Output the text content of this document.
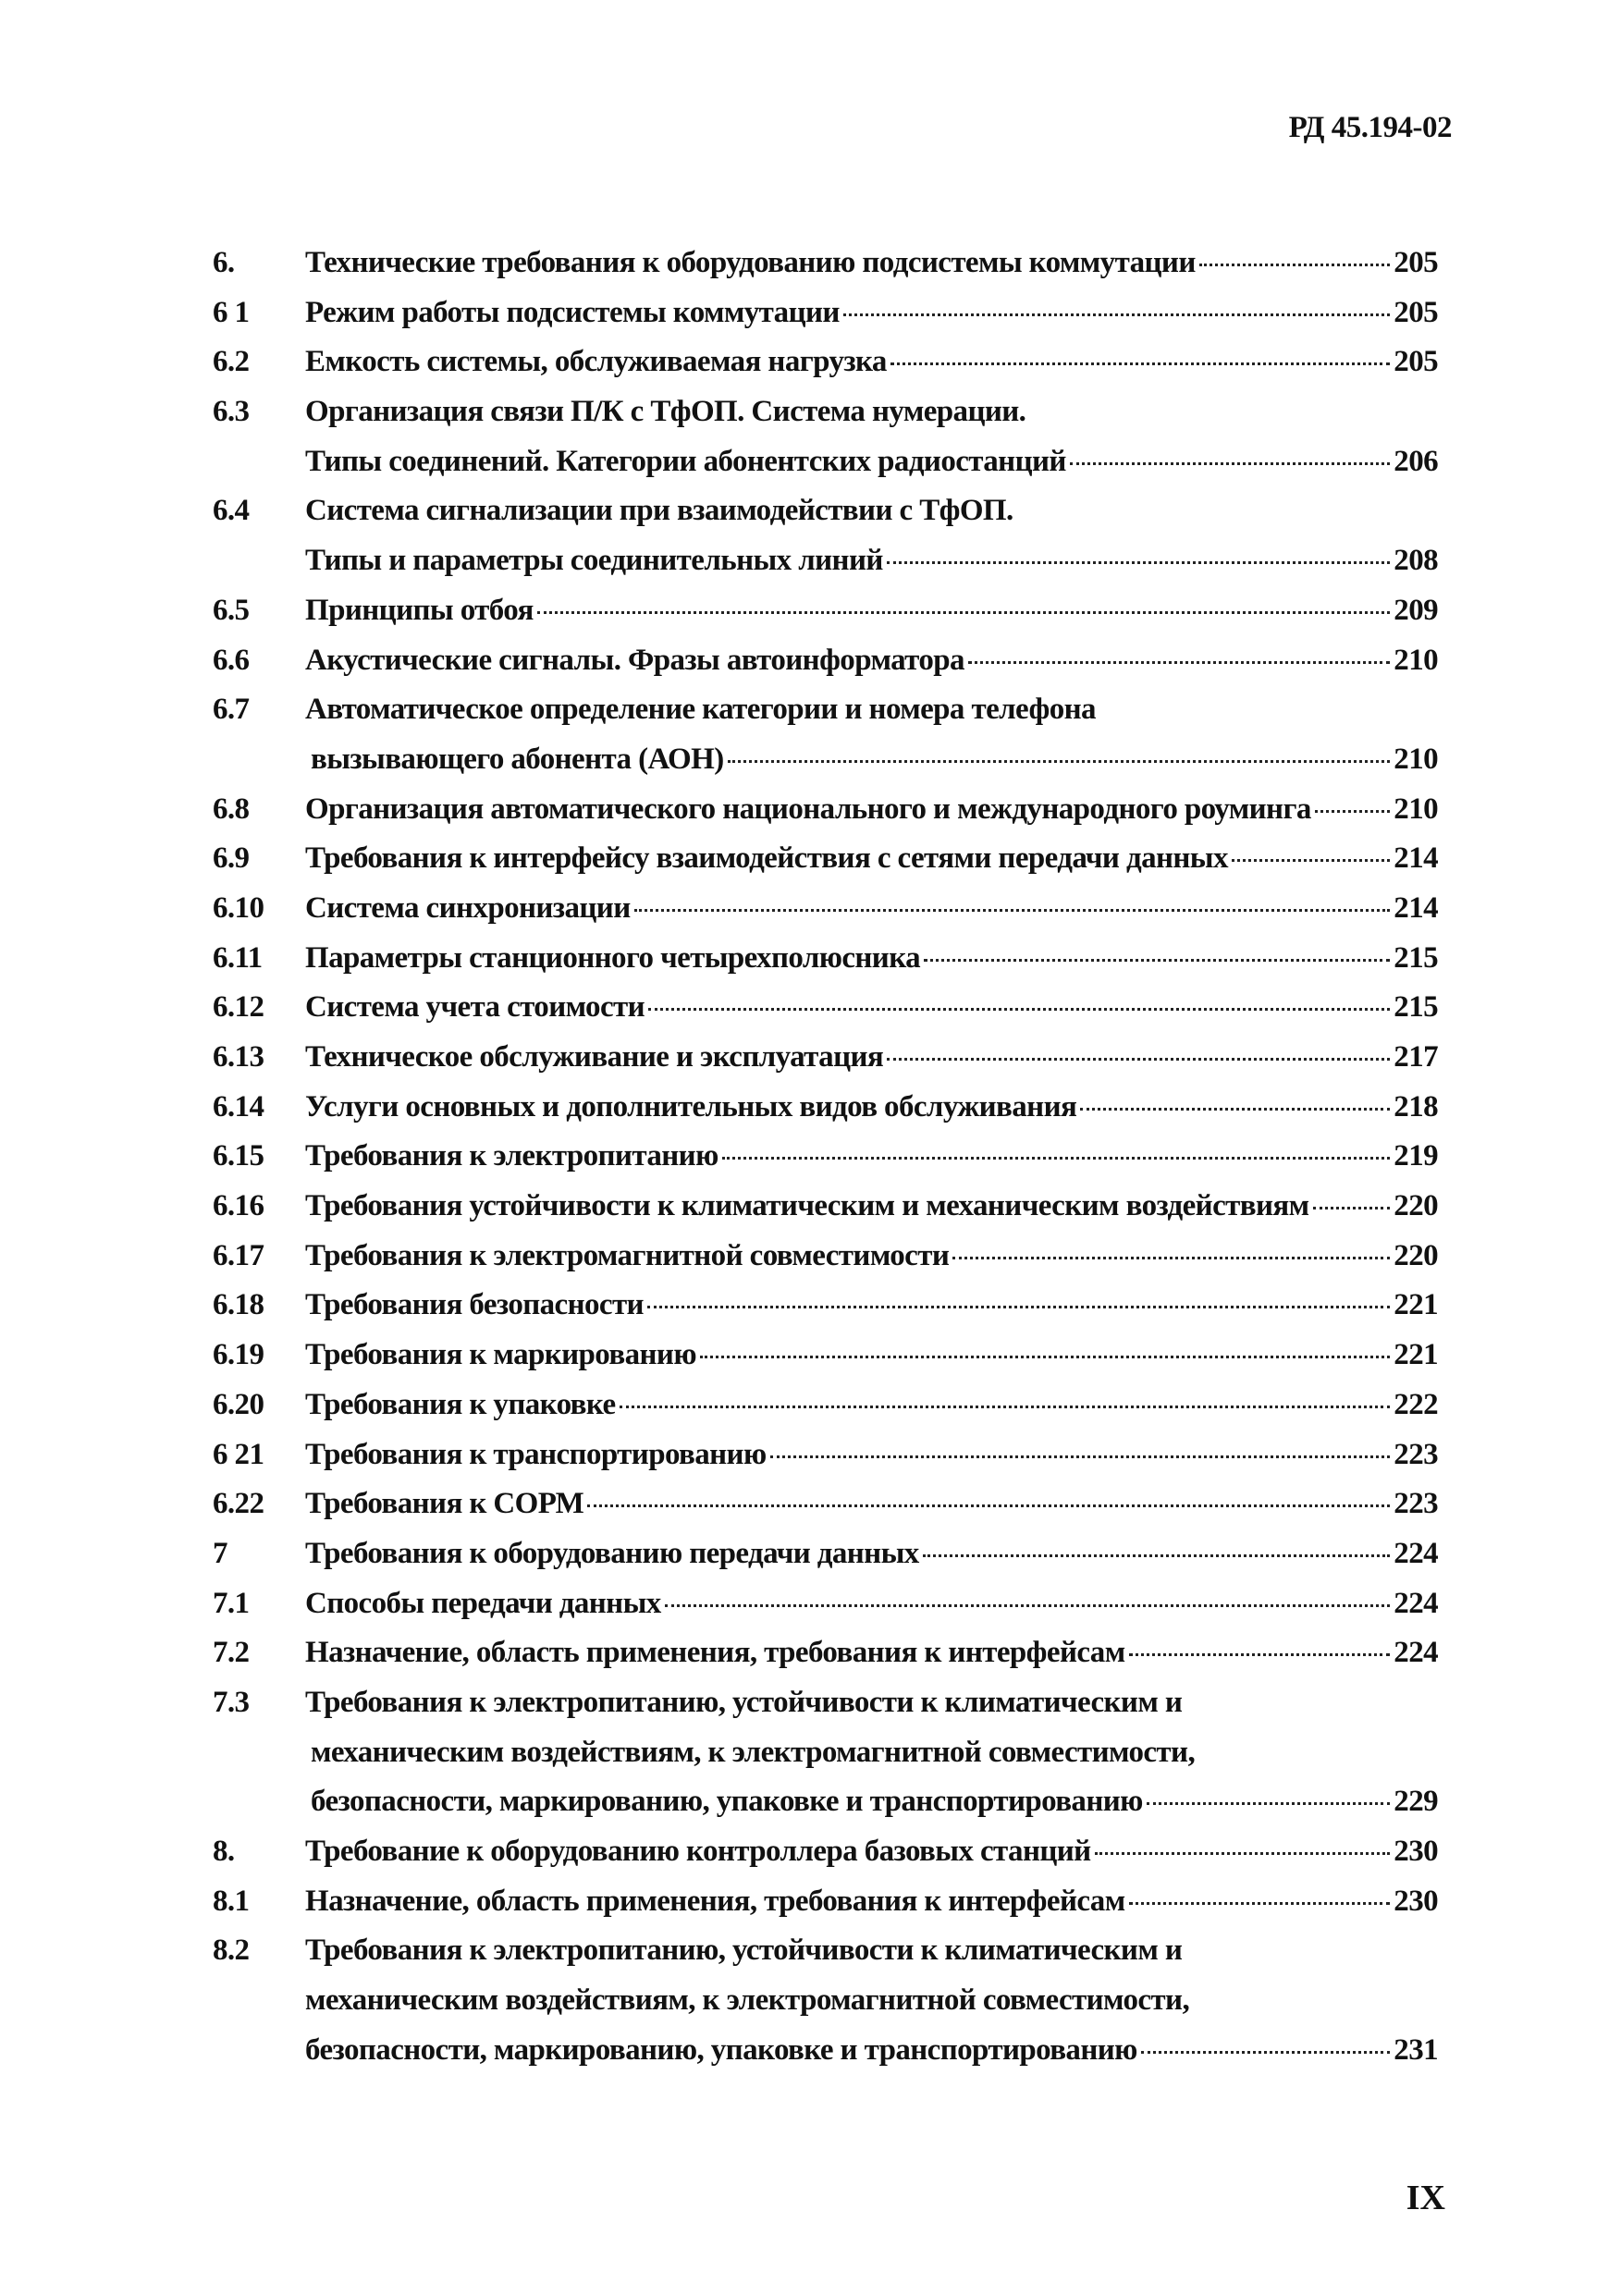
РД 45.194-02
6.	Технические требования к оборудованию подсистемы коммутации	205
6 1	Режим работы подсистемы коммутации	205
6.2	Емкость системы, обслуживаемая нагрузка	205
6.3	Организация связи П/К с ТфОП. Система нумерации.
Типы соединений. Категории абонентских радиостанций	206
6.4	Система сигнализации при взаимодействии с ТфОП.
Типы и параметры соединительных линий	208
6.5	Принципы отбоя	209
6.6	Акустические сигналы. Фразы автоинформатора	210
6.7	Автоматическое определение категории и номера телефона
вызывающего абонента (АОН)	210
6.8	Организация автоматического национального и международного роуминга	210
6.9	Требования к интерфейсу взаимодействия с сетями передачи данных	214
6.10	Система синхронизации	214
6.11	Параметры станционного четырехполюсника	215
6.12	Система учета стоимости	215
6.13	Техническое обслуживание и эксплуатация	217
6.14	Услуги основных и дополнительных видов обслуживания	218
6.15	Требования к электропитанию	219
6.16	Требования устойчивости к климатическим и механическим воздействиям	220
6.17	Требования к электромагнитной совместимости	220
6.18	Требования безопасности	221
6.19	Требования к маркированию	221
6.20	Требования к упаковке	222
6 21	Требования к транспортированию	223
6.22	Требования к СОРМ	223
7	Требования к оборудованию передачи данных	224
7.1	Способы передачи данных	224
7.2	Назначение, область применения, требования к интерфейсам	224
7.3	Требования к электропитанию, устойчивости к климатическим и
механическим воздействиям, к электромагнитной совместимости,
безопасности, маркированию, упаковке и транспортированию	229
8.	Требование к оборудованию контроллера базовых станций	230
8.1	Назначение, область применения, требования к интерфейсам	230
8.2	Требования к электропитанию, устойчивости к климатическим и
механическим воздействиям, к электромагнитной совместимости,
безопасности, маркированию, упаковке и транспортированию	231
IX
